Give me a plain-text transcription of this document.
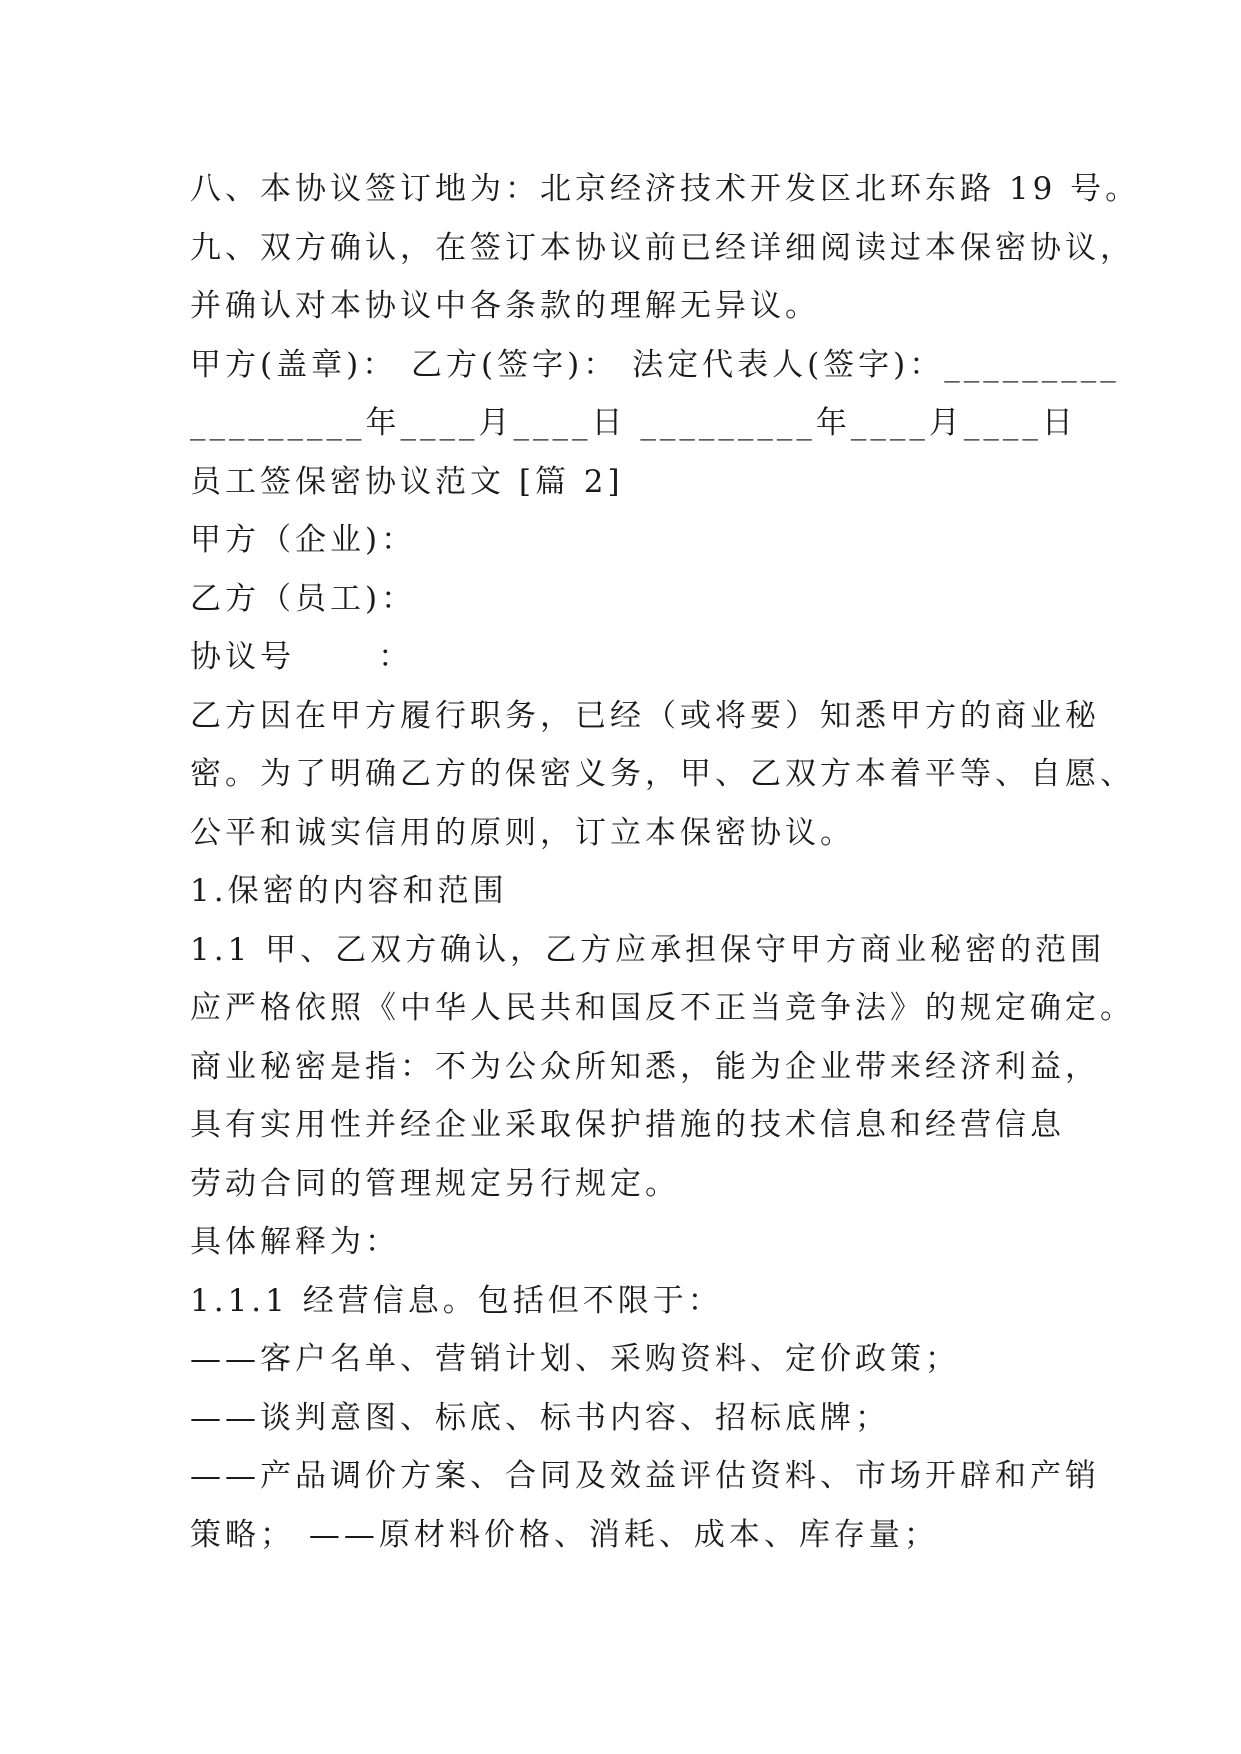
八、本协议签订地为：北京经济技术开发区北环东路 19 号。
九、双方确认，在签订本协议前已经详细阅读过本保密协议，
并确认对本协议中各条款的理解无异议。
甲方(盖章)： 乙方(签字)： 法定代表人(签字)：_________
_________年____月____日 _________年____月____日
员工签保密协议范文 [篇 2]
甲方（企业)：
乙方（员工)：
协议号      ：
乙方因在甲方履行职务，已经（或将要）知悉甲方的商业秘
密。为了明确乙方的保密义务，甲、乙双方本着平等、自愿、
公平和诚实信用的原则，订立本保密协议。
1.保密的内容和范围
1.1 甲、乙双方确认，乙方应承担保守甲方商业秘密的范围
应严格依照《中华人民共和国反不正当竞争法》的规定确定。
商业秘密是指：不为公众所知悉，能为企业带来经济利益，
具有实用性并经企业采取保护措施的技术信息和经营信息
劳动合同的管理规定另行规定。
具体解释为：
1.1.1 经营信息。包括但不限于：
——客户名单、营销计划、采购资料、定价政策；
——谈判意图、标底、标书内容、招标底牌；
——产品调价方案、合同及效益评估资料、市场开辟和产销
策略； ——原材料价格、消耗、成本、库存量；
